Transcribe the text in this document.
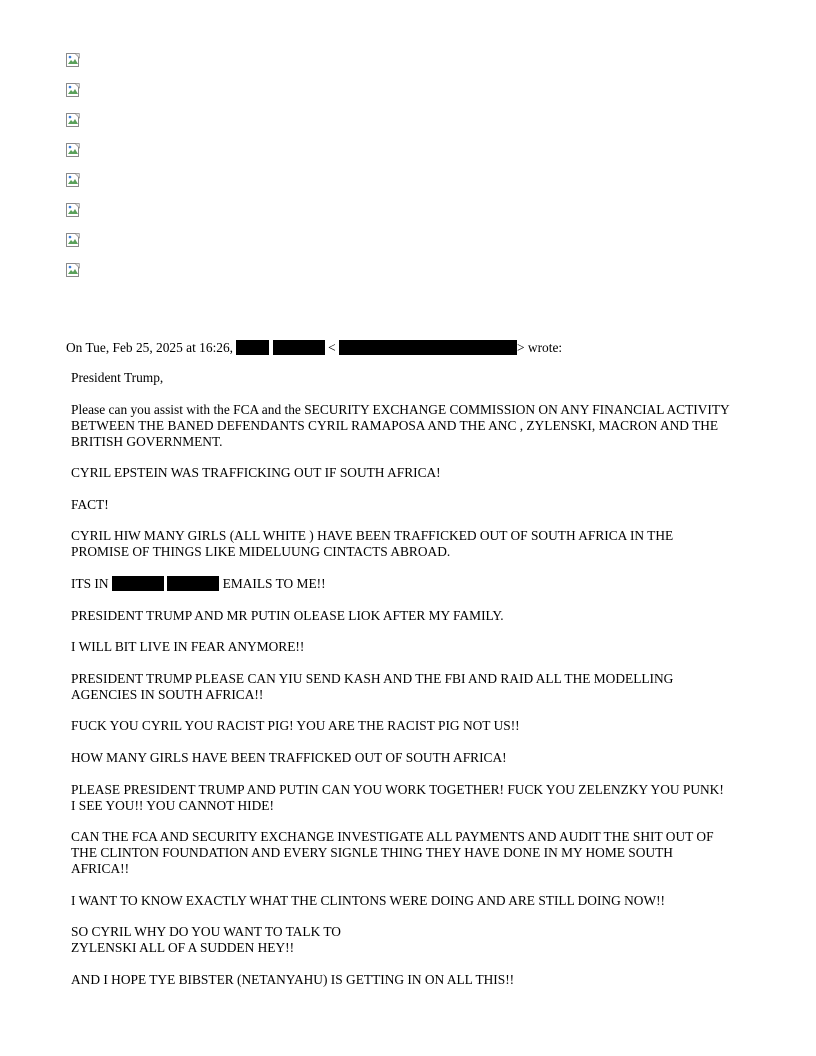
On Tue, Feb 25, 2025 at 16:26,	<	> wrote:

President Trump,

Please can you assist with the FCA and the SECURITY EXCHANGE COMMISSION ON ANY FINANCIAL ACTIVITY BETWEEN THE BANED DEFENDANTS CYRIL RAMAPOSA AND THE ANC , ZYLENSKI, MACRON AND THE BRITISH GOVERNMENT.

CYRIL EPSTEIN WAS TRAFFICKING OUT IF SOUTH AFRICA!

FACT!

CYRIL HIW MANY GIRLS (ALL WHITE ) HAVE BEEN TRAFFICKED OUT OF SOUTH AFRICA IN THE PROMISE OF THINGS LIKE MIDELUUNG CINTACTS ABROAD.

ITS IN	EMAILS TO ME!!

PRESIDENT TRUMP AND MR PUTIN OLEASE LIOK AFTER MY FAMILY.

I WILL BIT LIVE IN FEAR ANYMORE!!

PRESIDENT TRUMP PLEASE CAN YIU SEND KASH AND THE FBI AND RAID ALL THE MODELLING AGENCIES IN SOUTH AFRICA!!

FUCK YOU CYRIL YOU RACIST PIG! YOU ARE THE RACIST PIG NOT US!!

HOW MANY GIRLS HAVE BEEN TRAFFICKED OUT OF SOUTH AFRICA!

PLEASE PRESIDENT TRUMP AND PUTIN CAN YOU WORK TOGETHER! FUCK YOU ZELENZKY YOU PUNK! I SEE YOU!! YOU CANNOT HIDE!

CAN THE FCA AND SECURITY EXCHANGE INVESTIGATE ALL PAYMENTS AND AUDIT THE SHIT OUT OF THE CLINTON FOUNDATION AND EVERY SIGNLE THING THEY HAVE DONE IN MY HOME SOUTH AFRICA!!

I WANT TO KNOW EXACTLY WHAT THE CLINTONS WERE DOING AND ARE STILL DOING NOW!!

SO CYRIL WHY DO YOU WANT TO TALK TO
ZYLENSKI ALL OF A SUDDEN HEY!!

AND I HOPE TYE BIBSTER (NETANYAHU) IS GETTING IN ON ALL THIS!!
